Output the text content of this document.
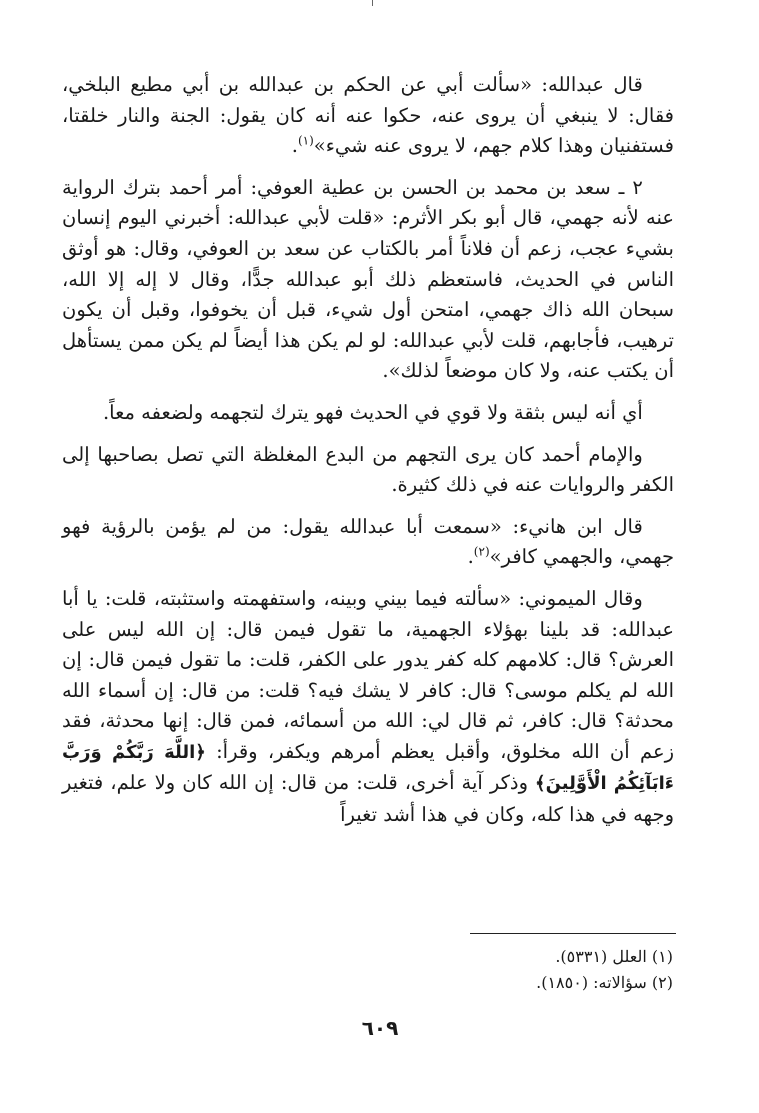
قال عبدالله: «سألت أبي عن الحكم بن عبدالله بن أبي مطيع البلخي، فقال: لا ينبغي أن يروى عنه، حكوا عنه أنه كان يقول: الجنة والنار خلقتا، فستفنيان وهذا كلام جهم، لا يروى عنه شيء»$^{(١)}$.

٢ ـ سعد بن محمد بن الحسن بن عطية العوفي: أمر أحمد بترك الرواية عنه لأنه جهمي، قال أبو بكر الأثرم: «قلت لأبي عبدالله: أخبرني اليوم إنسان بشيء عجب، زعم أن فلاناً أمر بالكتاب عن سعد بن العوفي، وقال: هو أوثق الناس في الحديث، فاستعظم ذلك أبو عبدالله جدًّا، وقال لا إله إلا الله، سبحان الله ذاك جهمي، امتحن أول شيء، قبل أن يخوفوا، وقبل أن يكون ترهيب، فأجابهم، قلت لأبي عبدالله: لو لم يكن هذا أيضاً لم يكن ممن يستأهل أن يكتب عنه، ولا كان موضعاً لذلك».

أي أنه ليس بثقة ولا قوي في الحديث فهو يترك لتجهمه ولضعفه معاً.

والإمام أحمد كان يرى التجهم من البدع المغلظة التي تصل بصاحبها إلى الكفر والروايات عنه في ذلك كثيرة.

قال ابن هانيء: «سمعت أبا عبدالله يقول: من لم يؤمن بالرؤية فهو جهمي، والجهمي كافر»$^{(٢)}$.

وقال الميموني: «سألته فيما بيني وبينه، واستفهمته واستثبته، قلت: يا أبا عبدالله: قد بلينا بهؤلاء الجهمية، ما تقول فيمن قال: إن الله ليس على العرش؟ قال: كلامهم كله كفر يدور على الكفر، قلت: ما تقول فيمن قال: إن الله لم يكلم موسى؟ قال: كافر لا يشك فيه؟ قلت: من قال: إن أسماء الله محدثة؟ قال: كافر، ثم قال لي: الله من أسمائه، فمن قال: إنها محدثة، فقد زعم أن الله مخلوق، وأقبل يعظم أمرهم ويكفر، وقرأ: ﴿اللَّهَ رَبَّكُمْ وَرَبَّ ءَابَآئِكُمُ الْأَوَّلِينَ﴾ وذكر آية أخرى، قلت: من قال: إن الله كان ولا علم، فتغير وجهه في هذا كله، وكان في هذا أشد تغيراً

(١) العلل (٥٣٣١).
(٢) سؤالاته: (١٨٥٠).
٦٠٩
